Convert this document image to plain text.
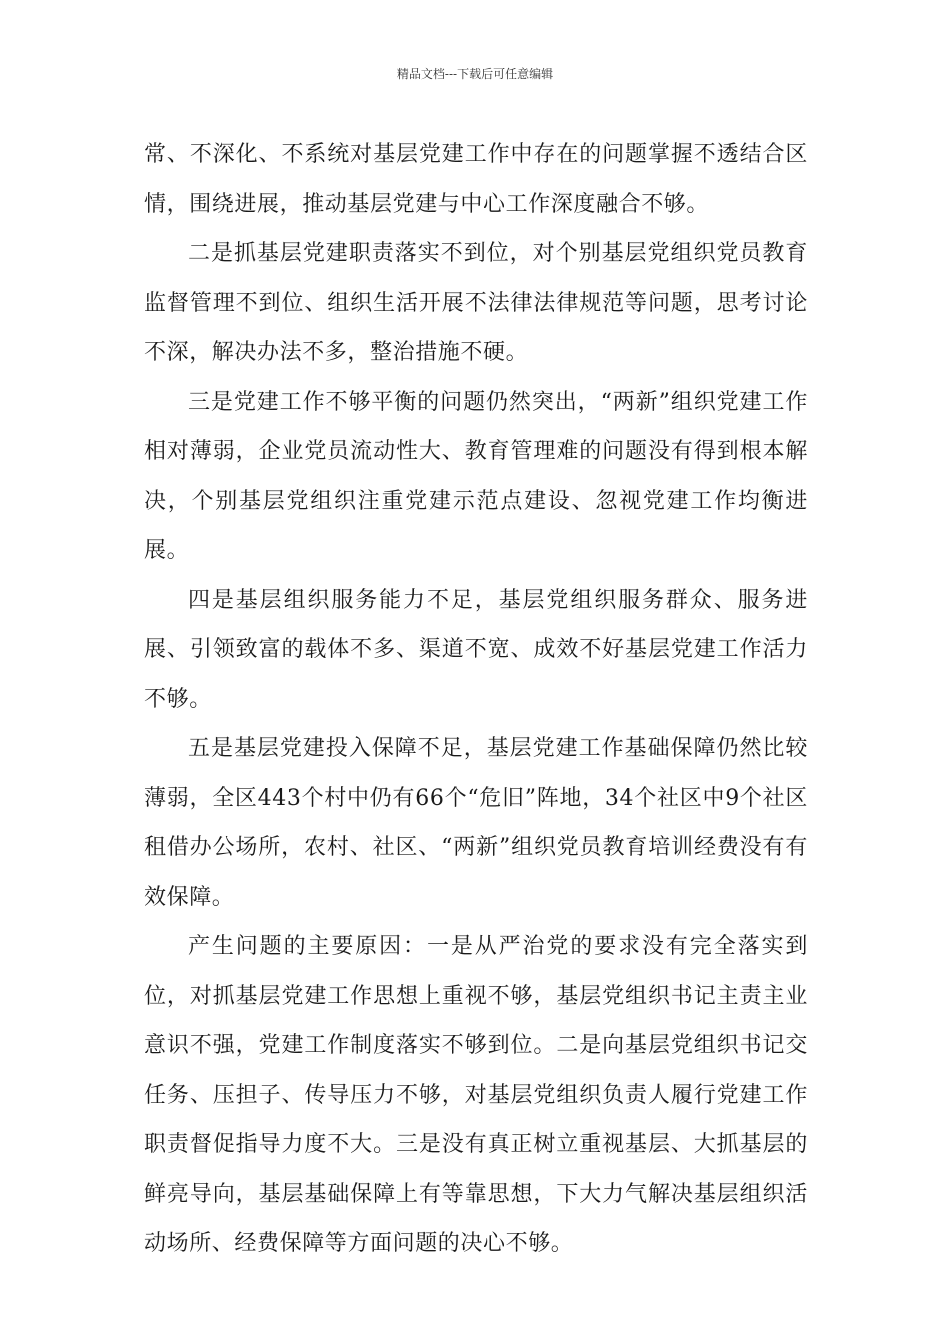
精品文档---下载后可任意编辑

常、不深化、不系统对基层党建工作中存在的问题掌握不透结合区情，围绕进展，推动基层党建与中心工作深度融合不够。

二是抓基层党建职责落实不到位，对个别基层党组织党员教育监督管理不到位、组织生活开展不法律法律规范等问题，思考讨论不深，解决办法不多，整治措施不硬。

三是党建工作不够平衡的问题仍然突出，“两新”组织党建工作相对薄弱，企业党员流动性大、教育管理难的问题没有得到根本解决，个别基层党组织注重党建示范点建设、忽视党建工作均衡进展。

四是基层组织服务能力不足，基层党组织服务群众、服务进展、引领致富的载体不多、渠道不宽、成效不好基层党建工作活力不够。

五是基层党建投入保障不足，基层党建工作基础保障仍然比较薄弱，全区443个村中仍有66个“危旧”阵地，34个社区中9个社区租借办公场所，农村、社区、“两新”组织党员教育培训经费没有有效保障。

产生问题的主要原因：一是从严治党的要求没有完全落实到位，对抓基层党建工作思想上重视不够，基层党组织书记主责主业意识不强，党建工作制度落实不够到位。二是向基层党组织书记交任务、压担子、传导压力不够，对基层党组织负责人履行党建工作职责督促指导力度不大。三是没有真正树立重视基层、大抓基层的鲜亮导向，基层基础保障上有等靠思想，下大力气解决基层组织活动场所、经费保障等方面问题的决心不够。
